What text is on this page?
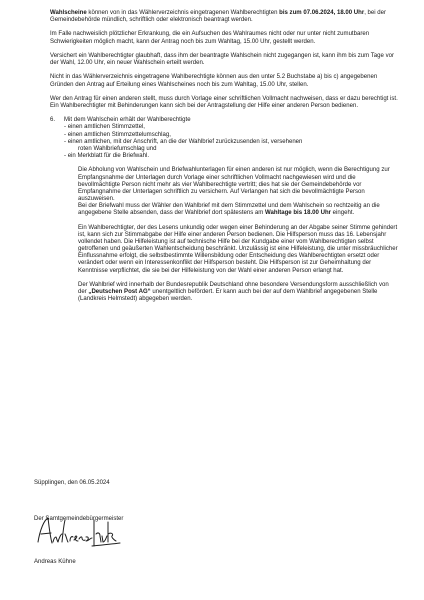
Wahlscheine können von in das Wählerverzeichnis eingetragenen Wahlberechtigten bis zum 07.06.2024, 18.00 Uhr, bei der Gemeindebehörde mündlich, schriftlich oder elektronisch beantragt werden.

Im Falle nachweislich plötzlicher Erkrankung, die ein Aufsuchen des Wahlraumes nicht oder nur unter nicht zumutbaren Schwierigkeiten möglich macht, kann der Antrag noch bis zum Wahltag, 15.00 Uhr, gestellt werden.

Versichert ein Wahlberechtigter glaubhaft, dass ihm der beantragte Wahlschein nicht zugegangen ist, kann ihm bis zum Tage vor der Wahl, 12.00 Uhr, ein neuer Wahlschein erteilt werden.

Nicht in das Wählerverzeichnis eingetragene Wahlberechtigte können aus den unter 5.2 Buchstabe a) bis c) angegebenen Gründen den Antrag auf Erteilung eines Wahlscheines noch bis zum Wahltag, 15.00 Uhr, stellen.

Wer den Antrag für einen anderen stellt, muss durch Vorlage einer schriftlichen Vollmacht nachweisen, dass er dazu berechtigt ist. Ein Wahlberechtigter mit Behinderungen kann sich bei der Antragstellung der Hilfe einer anderen Person bedienen.

6.	Mit dem Wahlschein erhält der Wahlberechtigte
- einen amtlichen Stimmzettel,
- einen amtlichen Stimmzettelumschlag,
- einen amtlichen, mit der Anschrift, an die der Wahlbrief zurückzusenden ist, versehenen
roten Wahlbriefumschlag und
- ein Merkblatt für die Briefwahl.

Die Abholung von Wahlschein und Briefwahlunterlagen für einen anderen ist nur möglich, wenn die Berechtigung zur Empfangsnahme der Unterlagen durch Vorlage einer schriftlichen Vollmacht nachgewiesen wird und die bevollmächtigte Person nicht mehr als vier Wahlberechtigte vertritt; dies hat sie der Gemeindebehörde vor Empfangnahme der Unterlagen schriftlich zu versichern. Auf Verlangen hat sich die bevollmächtigte Person auszuweisen.

Bei der Briefwahl muss der Wähler den Wahlbrief mit dem Stimmzettel und dem Wahlschein so rechtzeitig an die angegebene Stelle absenden, dass der Wahlbrief dort spätestens am Wahltage bis 18.00 Uhr eingeht.

Ein Wahlberechtigter, der des Lesens unkundig oder wegen einer Behinderung an der Abgabe seiner Stimme gehindert ist, kann sich zur Stimmabgabe der Hilfe einer anderen Person bedienen. Die Hilfsperson muss das 16. Lebensjahr vollendet haben. Die Hilfeleistung ist auf technische Hilfe bei der Kundgabe einer vom Wahlberechtigten selbst getroffenen und geäußerten Wahlentscheidung beschränkt. Unzulässig ist eine Hilfeleistung, die unter missbräuchlicher Einflussnahme erfolgt, die selbstbestimmte Willensbildung oder Entscheidung des Wahlberechtigten ersetzt oder verändert oder wenn ein Interessenkonflikt der Hilfsperson besteht. Die Hilfsperson ist zur Geheimhaltung der Kenntnisse verpflichtet, die sie bei der Hilfeleistung von der Wahl einer anderen Person erlangt hat.

Der Wahlbrief wird innerhalb der Bundesrepublik Deutschland ohne besondere Versendungsform ausschließlich von der „Deutschen Post AG“ unentgeltlich befördert. Er kann auch bei der auf dem Wahlbrief angegebenen Stelle (Landkreis Helmstedt) abgegeben werden.

Süpplingen, den 06.05.2024

Der Samtgemeindebürgermeister

Andreas Kühne
